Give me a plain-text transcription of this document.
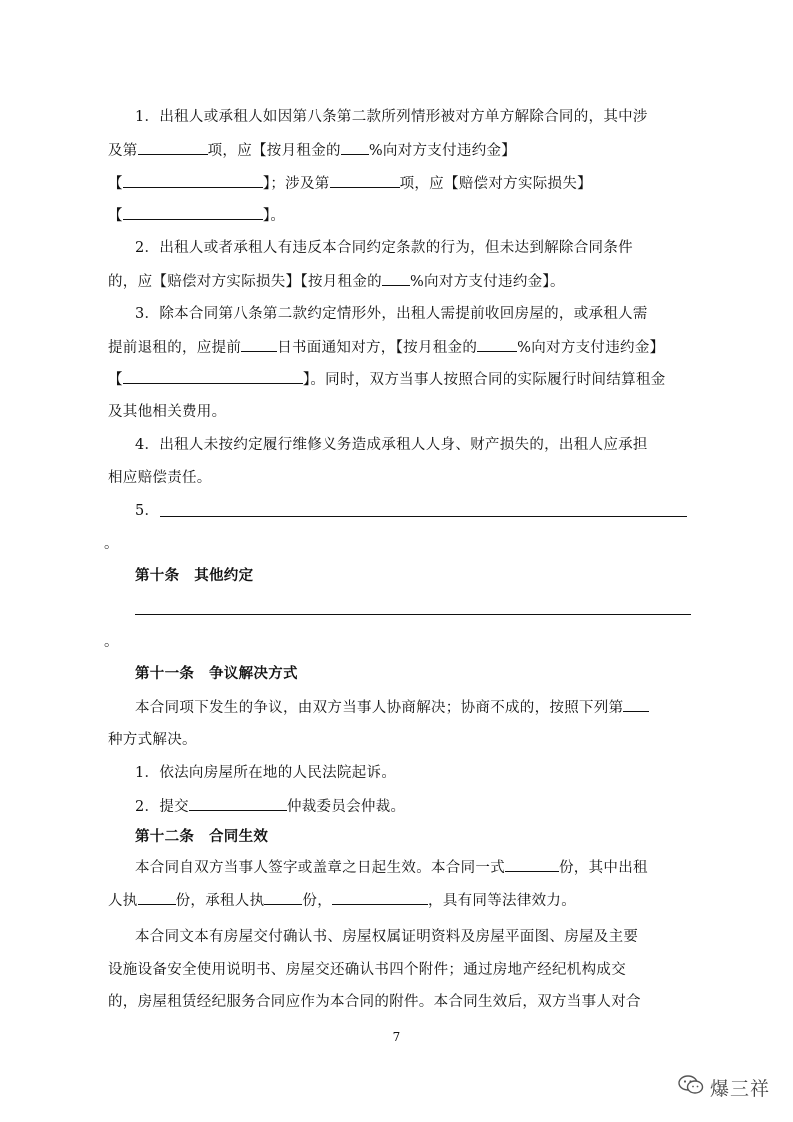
1．出租人或承租人如因第八条第二款所列情形被对方单方解除合同的，其中涉
及第	项，应【按月租金的 %向对方支付违约金】
【	】；涉及第	项，应【赔偿对方实际损失】
【	】。
2．出租人或者承租人有违反本合同约定条款的行为，但未达到解除合同条件
的，应【赔偿对方实际损失】【按月租金的 %向对方支付违约金】。
3．除本合同第八条第二款约定情形外，出租人需提前收回房屋的，或承租人需
提前退租的，应提前 日书面通知对方，【按月租金的	%向对方支付违约金】
【	】。同时，双方当事人按照合同的实际履行时间结算租金
及其他相关费用。
4．出租人未按约定履行维修义务造成承租人人身、财产损失的，出租人应承担
相应赔偿责任。
5．
。
第十条　其他约定
。
第十一条　争议解决方式
本合同项下发生的争议，由双方当事人协商解决；协商不成的，按照下列第
种方式解决。
1．依法向房屋所在地的人民法院起诉。
2．提交	仲裁委员会仲裁。
第十二条　合同生效
本合同自双方当事人签字或盖章之日起生效。本合同一式	份，其中出租
人执	份，承租人执	份，	，具有同等法律效力。
本合同文本有房屋交付确认书、房屋权属证明资料及房屋平面图、房屋及主要
设施设备安全使用说明书、房屋交还确认书四个附件；通过房地产经纪机构成交
的，房屋租赁经纪服务合同应作为本合同的附件。本合同生效后，双方当事人对合
7
爆三祥
